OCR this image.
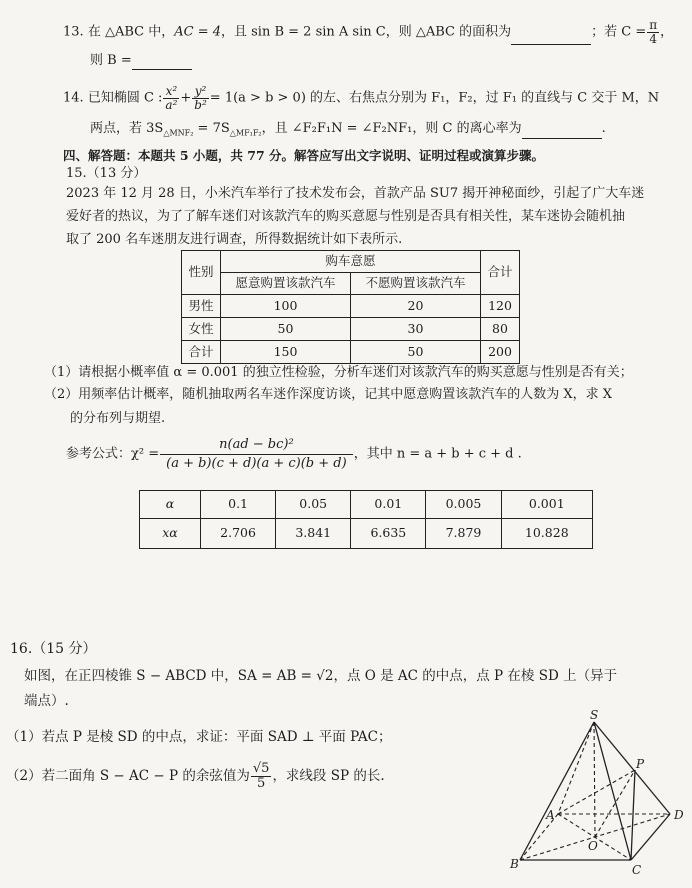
13. 在 △ABC 中，AC = 4，且 sin B = 2 sin A sin C，则 △ABC 的面积为	；若 $C = \frac{\pi}{4}$ ，
则 B =
14. 已知椭圆 C : $\frac{\text{x²}}{\text{a²}} + \frac{\text{y²}}{\text{b²}} = 1(a > b > 0)$ 的左、右焦点分别为 F₁，F₂，过 F₁ 的直线与 C 交于 M，N
两点，若 $3S_{\triangle MNF_2} = 7S_{\triangle MF_1F_2}$，且 ∠F₂F₁N = ∠F₂NF₁，则 C 的离心率为	.
四、解答题：本题共 5 小题，共 77 分。解答应写出文字说明、证明过程或演算步骤。
15.（13 分）
2023 年 12 月 28 日，小米汽车举行了技术发布会，首款产品 SU7 揭开神秘面纱，引起了广大车迷
爱好者的热议，为了了解车迷们对该款汽车的购买意愿与性别是否具有相关性，某车迷协会随机抽
取了 200 名车迷朋友进行调查，所得数据统计如下表所示.
性别	购车意愿		合计
	愿意购置该款汽车	不愿购置该款汽车	
男性	100	20	120
女性	50	30	80
合计	150	50	200
（1）请根据小概率值 α = 0.001 的独立性检验，分析车迷们对该款汽车的购买意愿与性别是否有关；
（2）用频率估计概率，随机抽取两名车迷作深度访谈，记其中愿意购置该款汽车的人数为 X，求 X
的分布列与期望.
参考公式：$\chi^2 = \frac{\text{n(ad − bc)²}}{(a + b)(c + d)(a + c)(b + d)}$ ，其中 n = a + b + c + d .
α	0.1	0.05	0.01	0.005	0.001
xα	2.706	3.841	6.635	7.879	10.828
16.（15 分）
如图，在正四棱锥 S − ABCD 中，SA = AB = √2，点 O 是 AC 的中点，点 P 在棱 SD 上（异于
端点）.
（1）若点 P 是棱 SD 的中点，求证：平面 SAD ⊥ 平面 PAC；
（2）若二面角 S − AC − P 的余弦值为 $\frac{√5}{5}$ ，求线段 SP 的长.
S
P
A	D
O
B	C
